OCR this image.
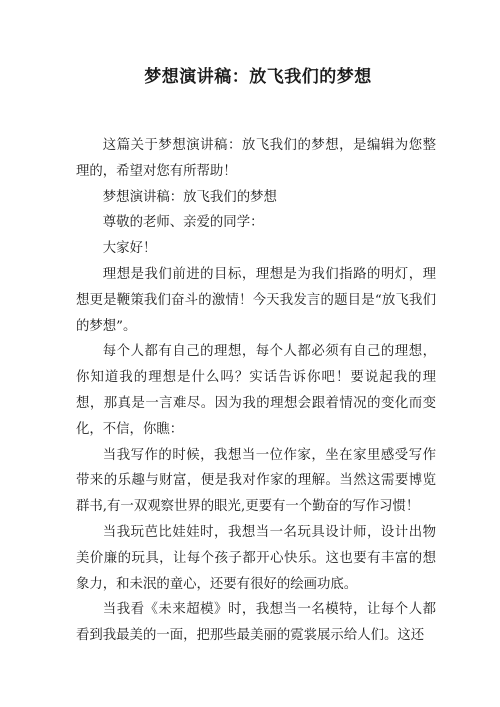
梦想演讲稿：放飞我们的梦想

这篇关于梦想演讲稿：放飞我们的梦想，是编辑为您整理的，希望对您有所帮助！

梦想演讲稿：放飞我们的梦想

尊敬的老师、亲爱的同学：

大家好！

理想是我们前进的目标，理想是为我们指路的明灯，理想更是鞭策我们奋斗的激情！今天我发言的题目是“放飞我们的梦想”。

每个人都有自己的理想，每个人都必须有自己的理想，你知道我的理想是什么吗？实话告诉你吧！要说起我的理想，那真是一言难尽。因为我的理想会跟着情况的变化而变化，不信，你瞧：

当我写作的时候，我想当一位作家，坐在家里感受写作带来的乐趣与财富，便是我对作家的理解。当然这需要博览群书,有一双观察世界的眼光,更要有一个勤奋的写作习惯！

当我玩芭比娃娃时，我想当一名玩具设计师，设计出物美价廉的玩具，让每个孩子都开心快乐。这也要有丰富的想象力，和未泯的童心，还要有很好的绘画功底。

当我看《未来超模》时，我想当一名模特，让每个人都看到我最美的一面，把那些最美丽的霓裳展示给人们。这还
